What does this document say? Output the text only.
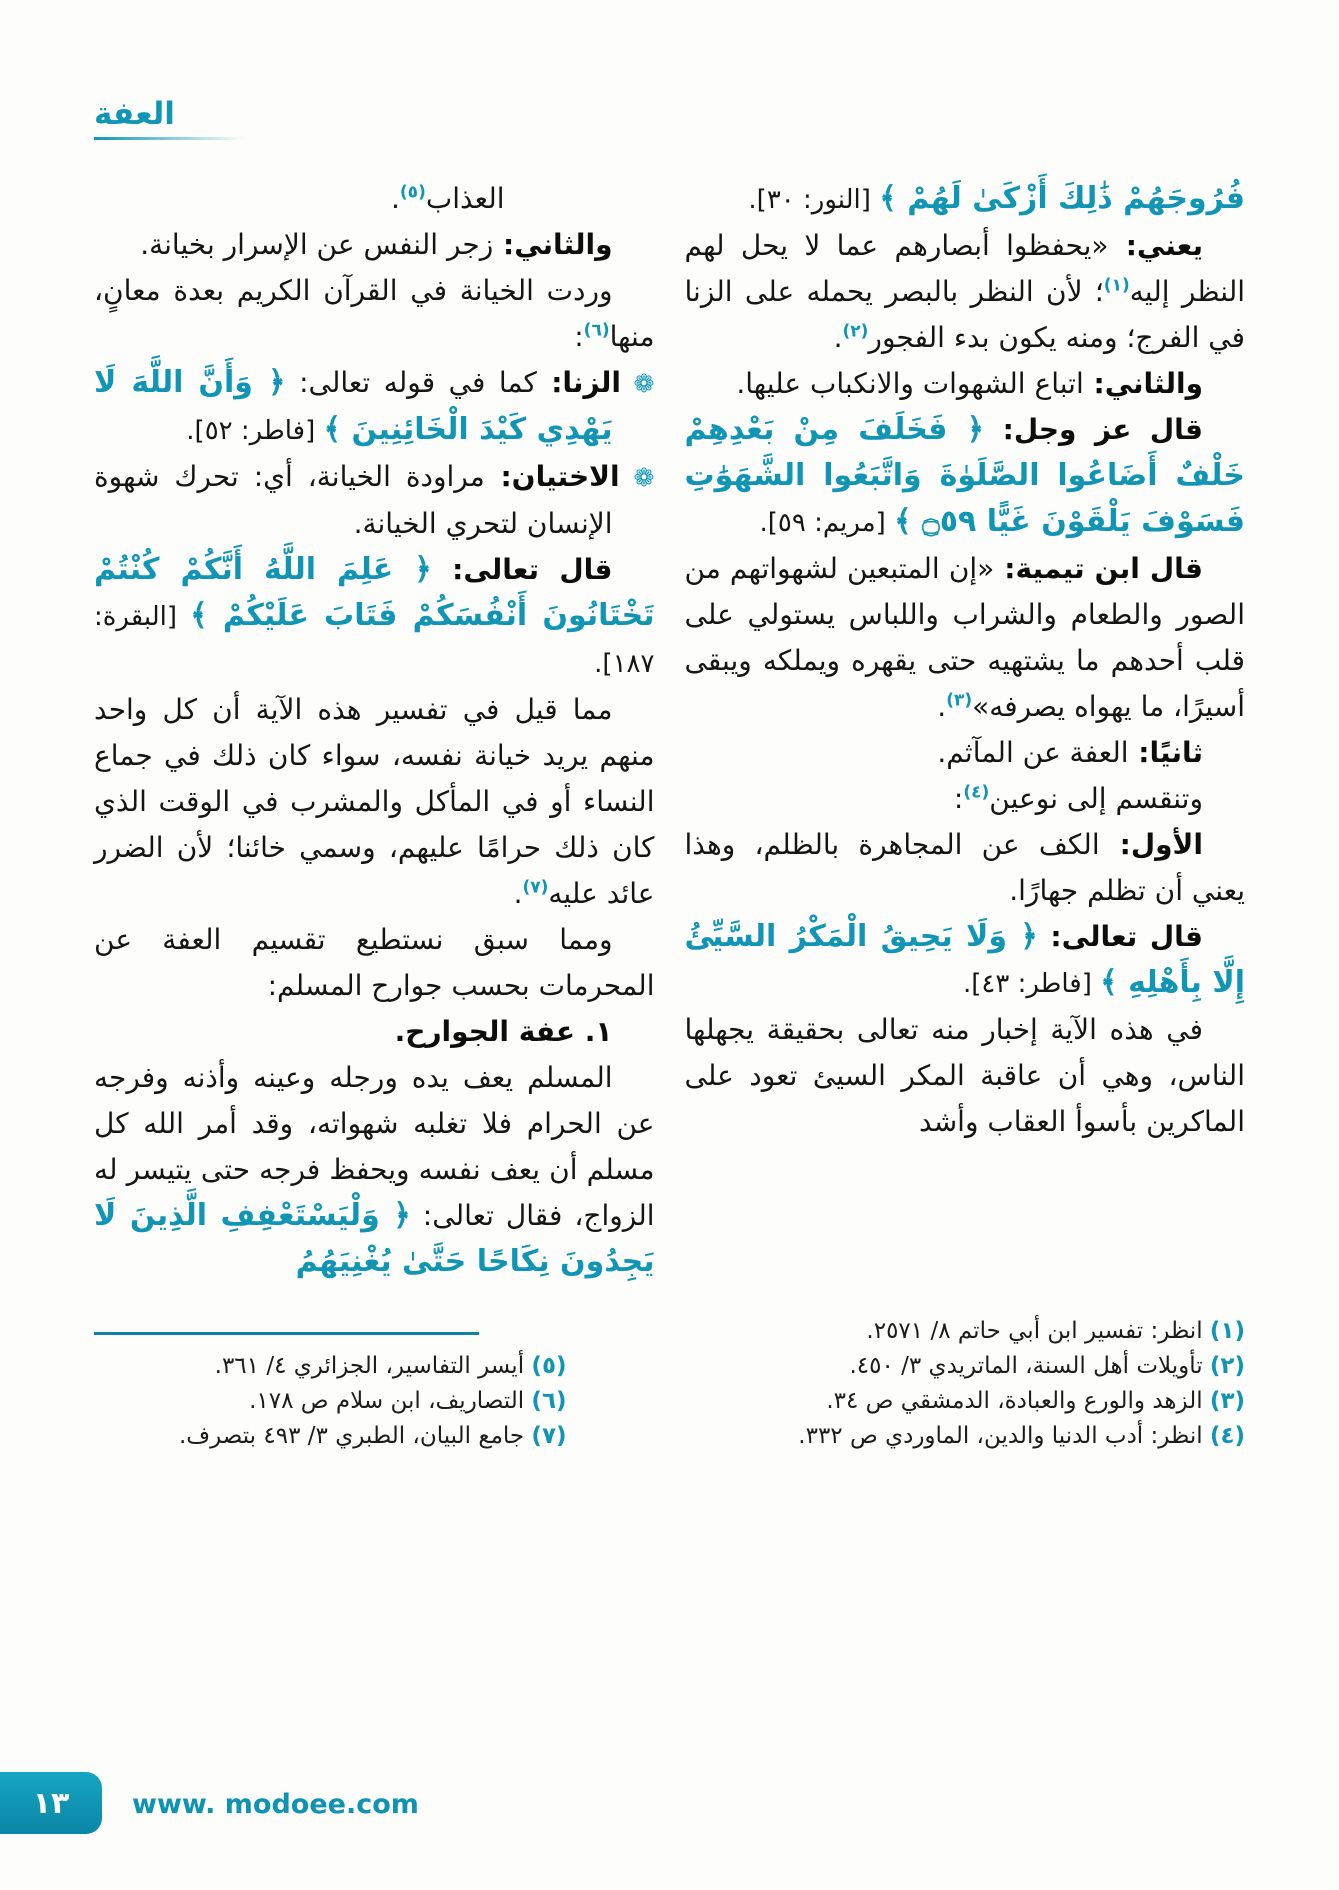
العفة

فُرُوجَهُمْ ذَٰلِكَ أَزْكَىٰ لَهُمْ ﴾ [النور: ٣٠].

يعني: «يحفظوا أبصارهم عما لا يحل لهم النظر إليه$^{(١)}$؛ لأن النظر بالبصر يحمله على الزنا في الفرج؛ ومنه يكون بدء الفجور$^{(٢)}$.

والثاني: اتباع الشهوات والانكباب عليها.

قال عز وجل: ﴿ فَخَلَفَ مِنْ بَعْدِهِمْ خَلْفٌ أَضَاعُوا الصَّلَوٰةَ وَاتَّبَعُوا الشَّهَوَٰتِ فَسَوْفَ يَلْقَوْنَ غَيًّا ۝٥٩ ﴾ [مريم: ٥٩].

قال ابن تيمية: «إن المتبعين لشهواتهم من الصور والطعام والشراب واللباس يستولي على قلب أحدهم ما يشتهيه حتى يقهره ويملكه ويبقى أسيرًا، ما يهواه يصرفه»$^{(٣)}$.

ثانيًا: العفة عن المآثم.

وتنقسم إلى نوعين$^{(٤)}$:

الأول: الكف عن المجاهرة بالظلم، وهذا يعني أن تظلم جهارًا.

قال تعالى: ﴿ وَلَا يَحِيقُ الْمَكْرُ السَّيِّئُ إِلَّا بِأَهْلِهِ ﴾ [فاطر: ٤٣].

في هذه الآية إخبار منه تعالى بحقيقة يجهلها الناس، وهي أن عاقبة المكر السيئ تعود على الماكرين بأسوأ العقاب وأشد

(١) انظر: تفسير ابن أبي حاتم ٨/ ٢٥٧١.
(٢) تأويلات أهل السنة، الماتريدي ٣/ ٤٥٠.
(٣) الزهد والورع والعبادة، الدمشقي ص ٣٤.
(٤) انظر: أدب الدنيا والدين، الماوردي ص ٣٣٢.

العذاب$^{(٥)}$.

والثاني: زجر النفس عن الإسرار بخيانة.

وردت الخيانة في القرآن الكريم بعدة معانٍ، منها$^{(٦)}$:

❁ الزنا: كما في قوله تعالى: ﴿ وَأَنَّ اللَّهَ لَا يَهْدِي كَيْدَ الْخَائِنِينَ ﴾ [فاطر: ٥٢].

❁ الاختيان: مراودة الخيانة، أي: تحرك شهوة الإنسان لتحري الخيانة.

قال تعالى: ﴿ عَلِمَ اللَّهُ أَنَّكُمْ كُنْتُمْ تَخْتَانُونَ أَنْفُسَكُمْ فَتَابَ عَلَيْكُمْ ﴾ [البقرة: ١٨٧].

مما قيل في تفسير هذه الآية أن كل واحد منهم يريد خيانة نفسه، سواء كان ذلك في جماع النساء أو في المأكل والمشرب في الوقت الذي كان ذلك حرامًا عليهم، وسمي خائنا؛ لأن الضرر عائد عليه$^{(٧)}$.

ومما سبق نستطيع تقسيم العفة عن المحرمات بحسب جوارح المسلم:

١. عفة الجوارح.

المسلم يعف يده ورجله وعينه وأذنه وفرجه عن الحرام فلا تغلبه شهواته، وقد أمر الله كل مسلم أن يعف نفسه ويحفظ فرجه حتى يتيسر له الزواج، فقال تعالى: ﴿ وَلْيَسْتَعْفِفِ الَّذِينَ لَا يَجِدُونَ نِكَاحًا حَتَّىٰ يُغْنِيَهُمُ

(٥) أيسر التفاسير، الجزائري ٤/ ٣٦١.
(٦) التصاريف، ابن سلام ص ١٧٨.
(٧) جامع البيان، الطبري ٣/ ٤٩٣ بتصرف.
١٣ www. modoee.com
